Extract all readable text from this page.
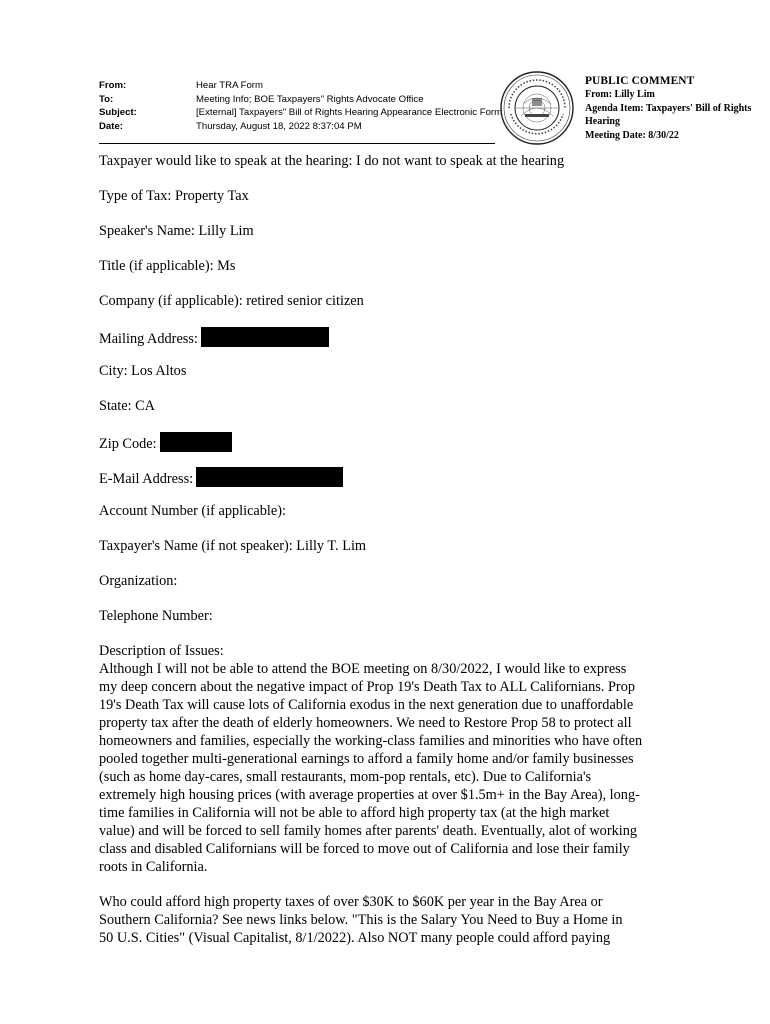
From:
To:
Subject:
Date:
Hear TRA Form
Meeting Info; BOE Taxpayers" Rights Advocate Office
[External] Taxpayers" Bill of Rights Hearing Appearance Electronic Form
Thursday, August 18, 2022 8:37:04 PM
PUBLIC COMMENT
From: Lilly Lim
Agenda Item: Taxpayers' Bill of Rights
Hearing
Meeting Date: 8/30/22
Taxpayer would like to speak at the hearing: I do not want to speak at the hearing
Type of Tax: Property Tax
Speaker's Name: Lilly Lim
Title (if applicable): Ms
Company (if applicable): retired senior citizen
Mailing Address:
City: Los Altos
State: CA
Zip Code:
E-Mail Address:
Account Number (if applicable):
Taxpayer's Name (if not speaker): Lilly T. Lim
Organization:
Telephone Number:
Description of Issues:

Although I will not be able to attend the BOE meeting on 8/30/2022, I would like to express
my deep concern about the negative impact of Prop 19's Death Tax to ALL Californians. Prop
19's Death Tax will cause lots of California exodus in the next generation due to unaffordable
property tax after the death of elderly homeowners. We need to Restore Prop 58 to protect all
homeowners and families, especially the working-class families and minorities who have often
pooled together multi-generational earnings to afford a family home and/or family businesses
(such as home day-cares, small restaurants, mom-pop rentals, etc). Due to California's
extremely high housing prices (with average properties at over $1.5m+ in the Bay Area), long-
time families in California will not be able to afford high property tax (at the high market
value) and will be forced to sell family homes after parents' death. Eventually, alot of working
class and disabled Californians will be forced to move out of California and lose their family
roots in California.

Who could afford high property taxes of over $30K to $60K per year in the Bay Area or
Southern California? See news links below. "This is the Salary You Need to Buy a Home in
50 U.S. Cities" (Visual Capitalist, 8/1/2022). Also NOT many people could afford paying
